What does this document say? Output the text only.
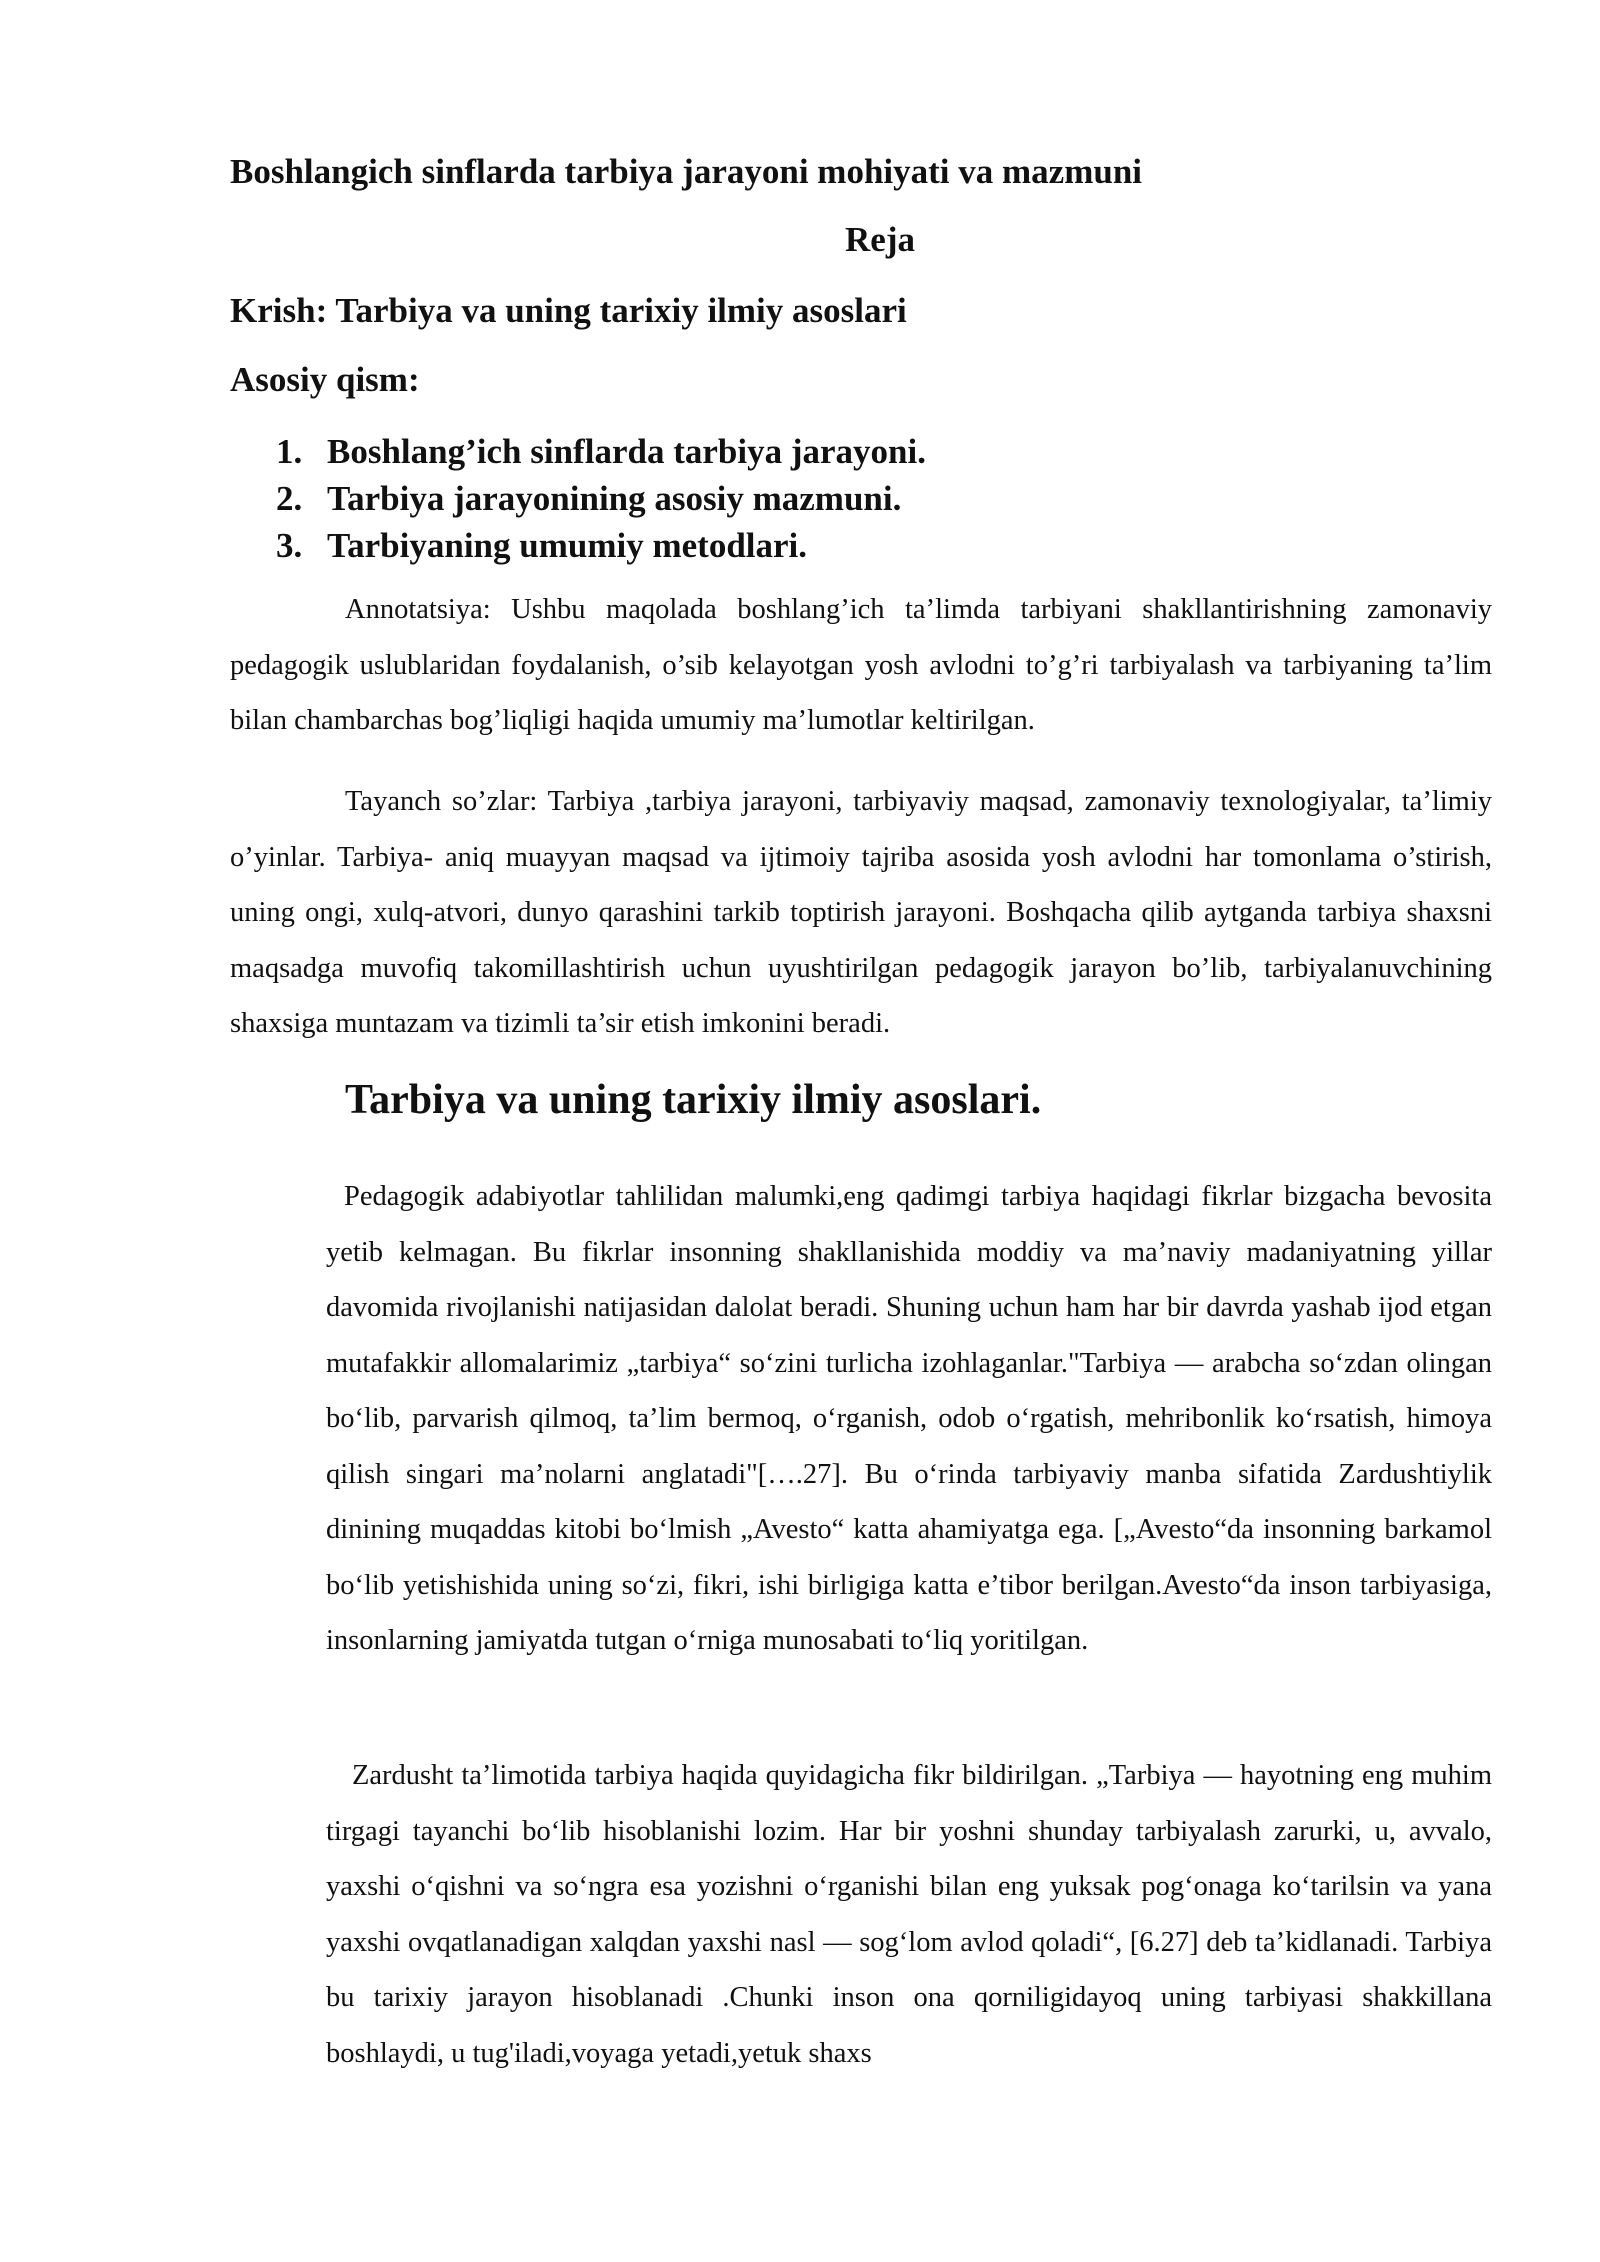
Boshlangich sinflarda tarbiya jarayoni mohiyati va mazmuni
Reja

Krish: Tarbiya va uning tarixiy ilmiy asoslari

Asosiy qism:

1. Boshlang’ich sinflarda tarbiya jarayoni.
2. Tarbiya jarayonining asosiy mazmuni.
3. Tarbiyaning umumiy metodlari.

Annotatsiya: Ushbu maqolada boshlang’ich ta’limda tarbiyani shakllantirishning zamonaviy pedagogik uslublaridan foydalanish, o’sib kelayotgan yosh avlodni to’g’ri tarbiyalash va tarbiyaning ta’lim bilan chambarchas bog’liqligi haqida umumiy ma’lumotlar keltirilgan.

Tayanch so’zlar: Tarbiya ,tarbiya jarayoni, tarbiyaviy maqsad, zamonaviy texnologiyalar, ta’limiy o’yinlar. Tarbiya- aniq muayyan maqsad va ijtimoiy tajriba asosida yosh avlodni har tomonlama o’stirish, uning ongi, xulq-atvori, dunyo qarashini tarkib toptirish jarayoni. Boshqacha qilib aytganda tarbiya shaxsni maqsadga muvofiq takomillashtirish uchun uyushtirilgan pedagogik jarayon bo’lib, tarbiyalanuvchining shaxsiga muntazam va tizimli ta’sir etish imkonini beradi.

Tarbiya va uning tarixiy ilmiy asoslari.

Pedagogik adabiyotlar tahlilidan malumki,eng qadimgi tarbiya haqidagi fikrlar bizgacha bevosita yetib kelmagan. Bu fikrlar insonning shakllanishida moddiy va ma’naviy madaniyatning yillar davomida rivojlanishi natijasidan dalolat beradi. Shuning uchun ham har bir davrda yashab ijod etgan mutafakkir allomalarimiz „tarbiya“ so‘zini turlicha izohlaganlar."Tarbiya — arabcha so‘zdan olingan bo‘lib, parvarish qilmoq, ta’lim bermoq, o‘rganish, odob o‘rgatish, mehribonlik ko‘rsatish, himoya qilish singari ma’nolarni anglatadi"[….27]. Bu o‘rinda tarbiyaviy manba sifatida Zardushtiylik dinining muqaddas kitobi bo‘lmish „Avesto“ katta ahamiyatga ega. [„Avesto“da insonning barkamol bo‘lib yetishishida uning so‘zi, fikri, ishi birligiga katta e’tibor berilgan.Avesto“da inson tarbiyasiga, insonlarning jamiyatda tutgan o‘rniga munosabati to‘liq yoritilgan.

Zardusht ta’limotida tarbiya haqida quyidagicha fikr bildirilgan. „Tarbiya — hayotning eng muhim tirgagi tayanchi bo‘lib hisoblanishi lozim. Har bir yoshni shunday tarbiyalash zarurki, u, avvalo, yaxshi o‘qishni va so‘ngra esa yozishni o‘rganishi bilan eng yuksak pog‘onaga ko‘tarilsin va yana yaxshi ovqatlanadigan xalqdan yaxshi nasl — sog‘lom avlod qoladi“, [6.27] deb ta’kidlanadi. Tarbiya bu tarixiy jarayon hisoblanadi .Chunki inson ona qorniligidayoq uning tarbiyasi shakkillana boshlaydi, u tug'iladi,voyaga yetadi,yetuk shaxs
